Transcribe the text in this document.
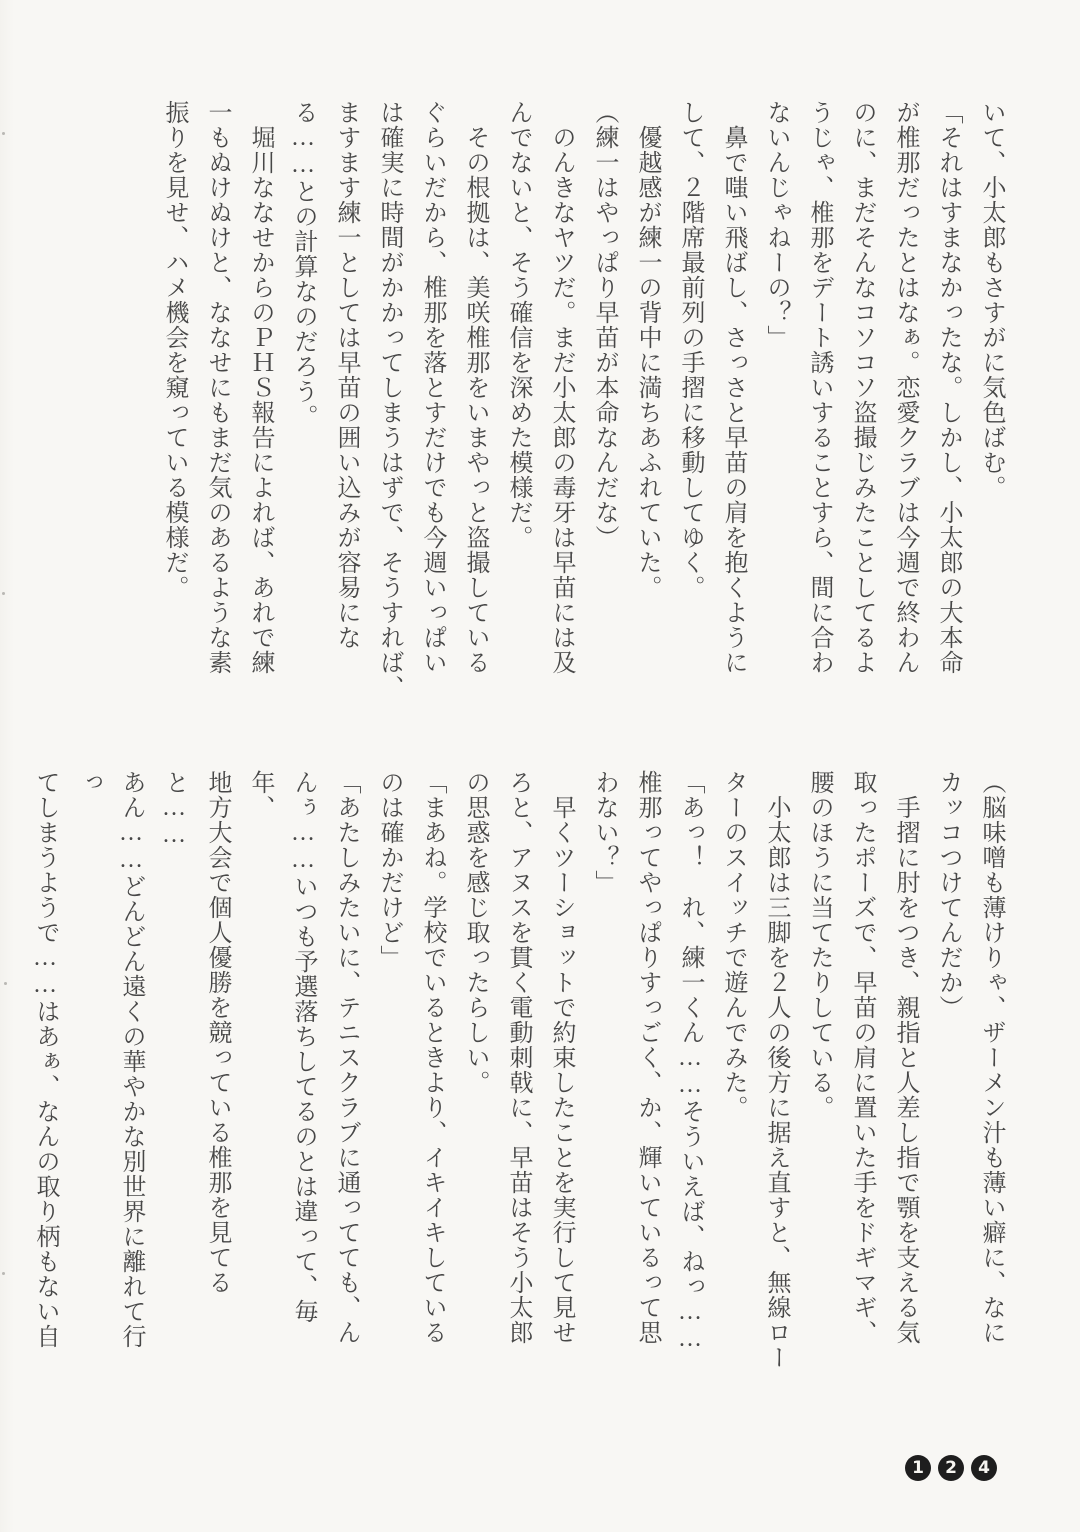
いて、小太郎もさすがに気色ばむ。

「それはすまなかったな。しかし、小太郎の大本命

が椎那だったとはなぁ。恋愛クラブは今週で終わん

のに、まだそんなコソコソ盗撮じみたことしてるよ

うじゃ、椎那をデート誘いすることすら、間に合わ

ないんじゃねーの？」

　鼻で嗤い飛ばし、さっさと早苗の肩を抱くように

して、２階席最前列の手摺に移動してゆく。

　優越感が練一の背中に満ちあふれていた。

（練一はやっぱり早苗が本命なんだな）

　のんきなヤツだ。まだ小太郎の毒牙は早苗には及

んでないと、そう確信を深めた模様だ。

　その根拠は、美咲椎那をいまやっと盗撮している

ぐらいだから、椎那を落とすだけでも今週いっぱい

は確実に時間がかかってしまうはずで、そうすれば、

ますます練一としては早苗の囲い込みが容易にな

る……との計算なのだろう。

　堀川ななせからのＰＨＳ報告によれば、あれで練

一もぬけぬけと、ななせにもまだ気のあるような素

振りを見せ、ハメ機会を窺っている模様だ。

（脳味噌も薄けりゃ、ザーメン汁も薄い癖に、なに

カッコつけてんだか）

　手摺に肘をつき、親指と人差し指で顎を支える気

取ったポーズで、早苗の肩に置いた手をドギマギ、

腰のほうに当てたりしている。

　小太郎は三脚を２人の後方に据え直すと、無線ロー

ターのスイッチで遊んでみた。

「あっ！　れ、練一くん……そういえば、ねっ……

椎那ってやっぱりすっごく、か、輝いているって思

わない？」

　早くツーショットで約束したことを実行して見せ

ろと、アヌスを貫く電動刺戟に、早苗はそう小太郎

の思惑を感じ取ったらしい。

「まあね。学校でいるときより、イキイキしている

のは確かだけど」

「あたしみたいに、テニスクラブに通ってても、ん

んぅ……いつも予選落ちしてるのとは違って、毎年、

地方大会で個人優勝を競っている椎那を見てると……

あん……どんどん遠くの華やかな別世界に離れて行っ

てしまうようで……はあぁ、なんの取り柄もない自

1	2	4
